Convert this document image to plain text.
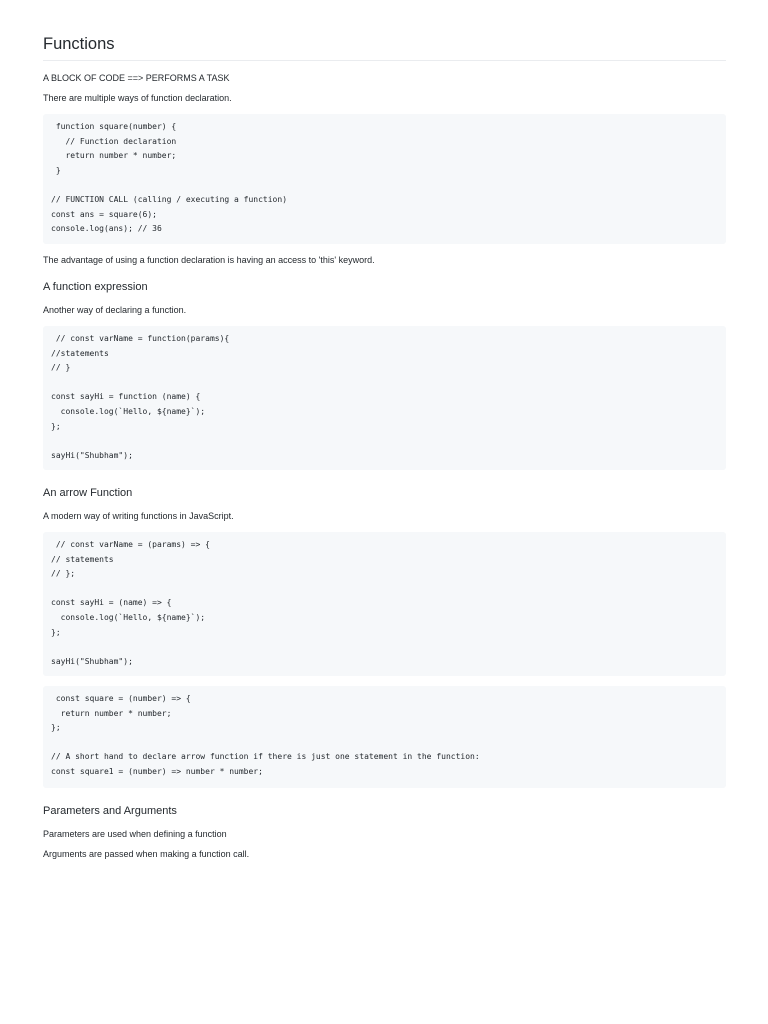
Functions

A BLOCK OF CODE ==> PERFORMS A TASK

There are multiple ways of function declaration.

function square(number) {
// Function declaration
return number * number;
}

// FUNCTION CALL (calling / executing a function)
const ans = square(6);
console.log(ans); // 36

The advantage of using a function declaration is having an access to 'this' keyword.

A function expression

Another way of declaring a function.

// const varName = function(params){
//statements
// }

const sayHi = function (name) {
console.log(`Hello, ${name}`);
};

sayHi("Shubham");
An arrow Function

A modern way of writing functions in JavaScript.

// const varName = (params) => {
// statements
// };

const sayHi = (name) => {
console.log(`Hello, ${name}`);
};

sayHi("Shubham");
const square = (number) => {
return number * number;
};

// A short hand to declare arrow function if there is just one statement in the function:
const square1 = (number) => number * number;
Parameters and Arguments

Parameters are used when defining a function

Arguments are passed when making a function call.
